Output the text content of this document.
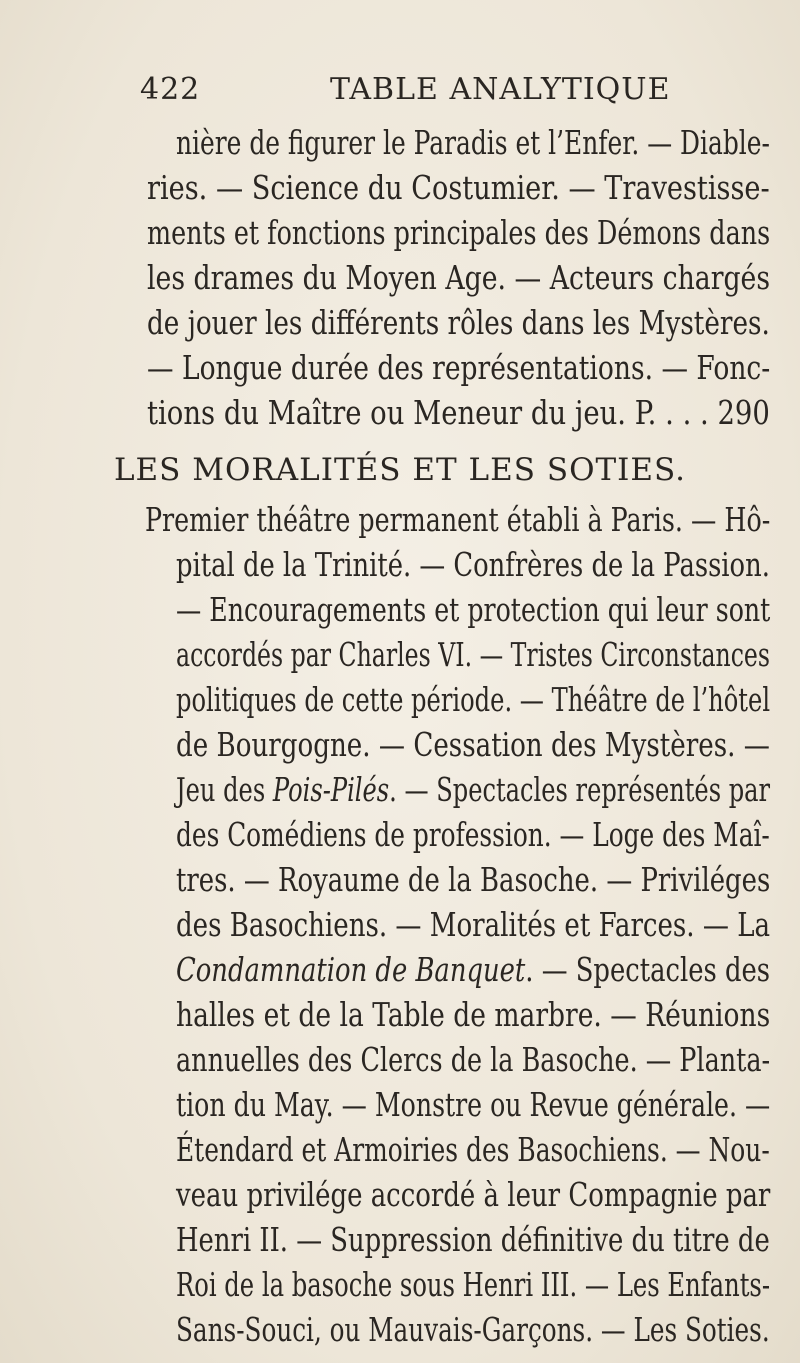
422	TABLE ANALYTIQUE
nière de figurer le Paradis et l’Enfer. — Diable-
ries. — Science du Costumier. — Travestisse-
ments et fonctions principales des Démons dans
les drames du Moyen Age. — Acteurs chargés
de jouer les différents rôles dans les Mystères.
— Longue durée des représentations. — Fonc-
tions du Maître ou Meneur du jeu. P. . . . 290
LES MORALITÉS ET LES SOTIES.
Premier théâtre permanent établi à Paris. — Hô-
pital de la Trinité. — Confrères de la Passion.
— Encouragements et protection qui leur sont
accordés par Charles VI. — Tristes Circonstances
politiques de cette période. — Théâtre de l’hôtel
de Bourgogne. — Cessation des Mystères. —
Jeu des Pois-Pilés. — Spectacles représentés par
des Comédiens de profession. — Loge des Maî-
tres. — Royaume de la Basoche. — Priviléges
des Basochiens. — Moralités et Farces. — La
Condamnation de Banquet. — Spectacles des
halles et de la Table de marbre. — Réunions
annuelles des Clercs de la Basoche. — Planta-
tion du May. — Monstre ou Revue générale. —
Étendard et Armoiries des Basochiens. — Nou-
veau privilége accordé à leur Compagnie par
Henri II. — Suppression définitive du titre de
Roi de la basoche sous Henri III. — Les Enfants-
Sans-Souci, ou Mauvais-Garçons. — Les Soties.
